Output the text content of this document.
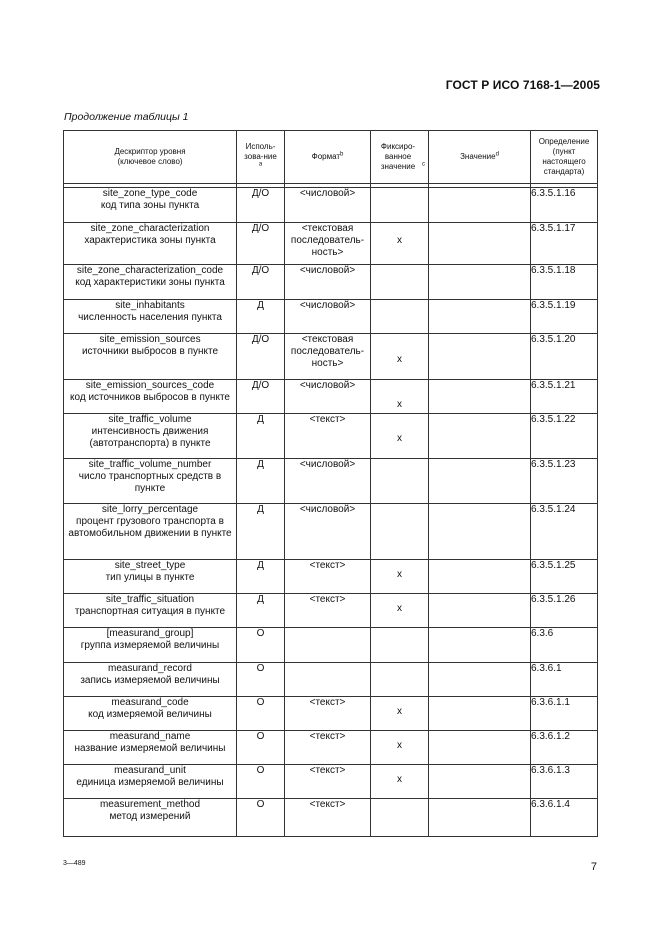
ГОСТ Р ИСО 7168-1—2005
Продолжение таблицы 1
Дескриптор уровня (ключевое слово)	Исполь-зова-ние$^a$	Формат$^b$	Фиксиро-ванное значение $^c$	Значение$^d$	Определение (пункт настоящего стандарта)

site_zone_type_code
код типа зоны пункта	Д/О	<числовой>			6.3.5.1.16

site_zone_characterization
характеристика зоны пункта	Д/О	<текстовая последователь-ность>	x		6.3.5.1.17

site_zone_characterization_code
код характеристики зоны пункта	Д/О	<числовой>			6.3.5.1.18

site_inhabitants
численность населения пункта	Д	<числовой>			6.3.5.1.19

site_emission_sources
источники выбросов в пункте	Д/О	<текстовая последователь-ность>	x		6.3.5.1.20

site_emission_sources_code
код источников выбросов в пункте	Д/О	<числовой>	x		6.3.5.1.21

site_traffic_volume
интенсивность движения (автотранспорта) в пункте	Д	<текст>	x		6.3.5.1.22

site_traffic_volume_number
число транспортных средств в пункте	Д	<числовой>			6.3.5.1.23

site_lorry_percentage
процент грузового транспорта в автомобильном движении в пункте	Д	<числовой>			6.3.5.1.24

site_street_type
тип улицы в пункте	Д	<текст>	x		6.3.5.1.25

site_traffic_situation
транспортная ситуация в пункте	Д	<текст>	x		6.3.5.1.26

[measurand_group]
группа измеряемой величины	О				6.3.6

measurand_record
запись измеряемой величины	О				6.3.6.1

measurand_code
код измеряемой величины	О	<текст>	x		6.3.6.1.1

measurand_name
название измеряемой величины	О	<текст>	x		6.3.6.1.2

measurand_unit
единица измеряемой величины	О	<текст>	x		6.3.6.1.3

measurement_method
метод измерений	О	<текст>			6.3.6.1.4
3—489	7
